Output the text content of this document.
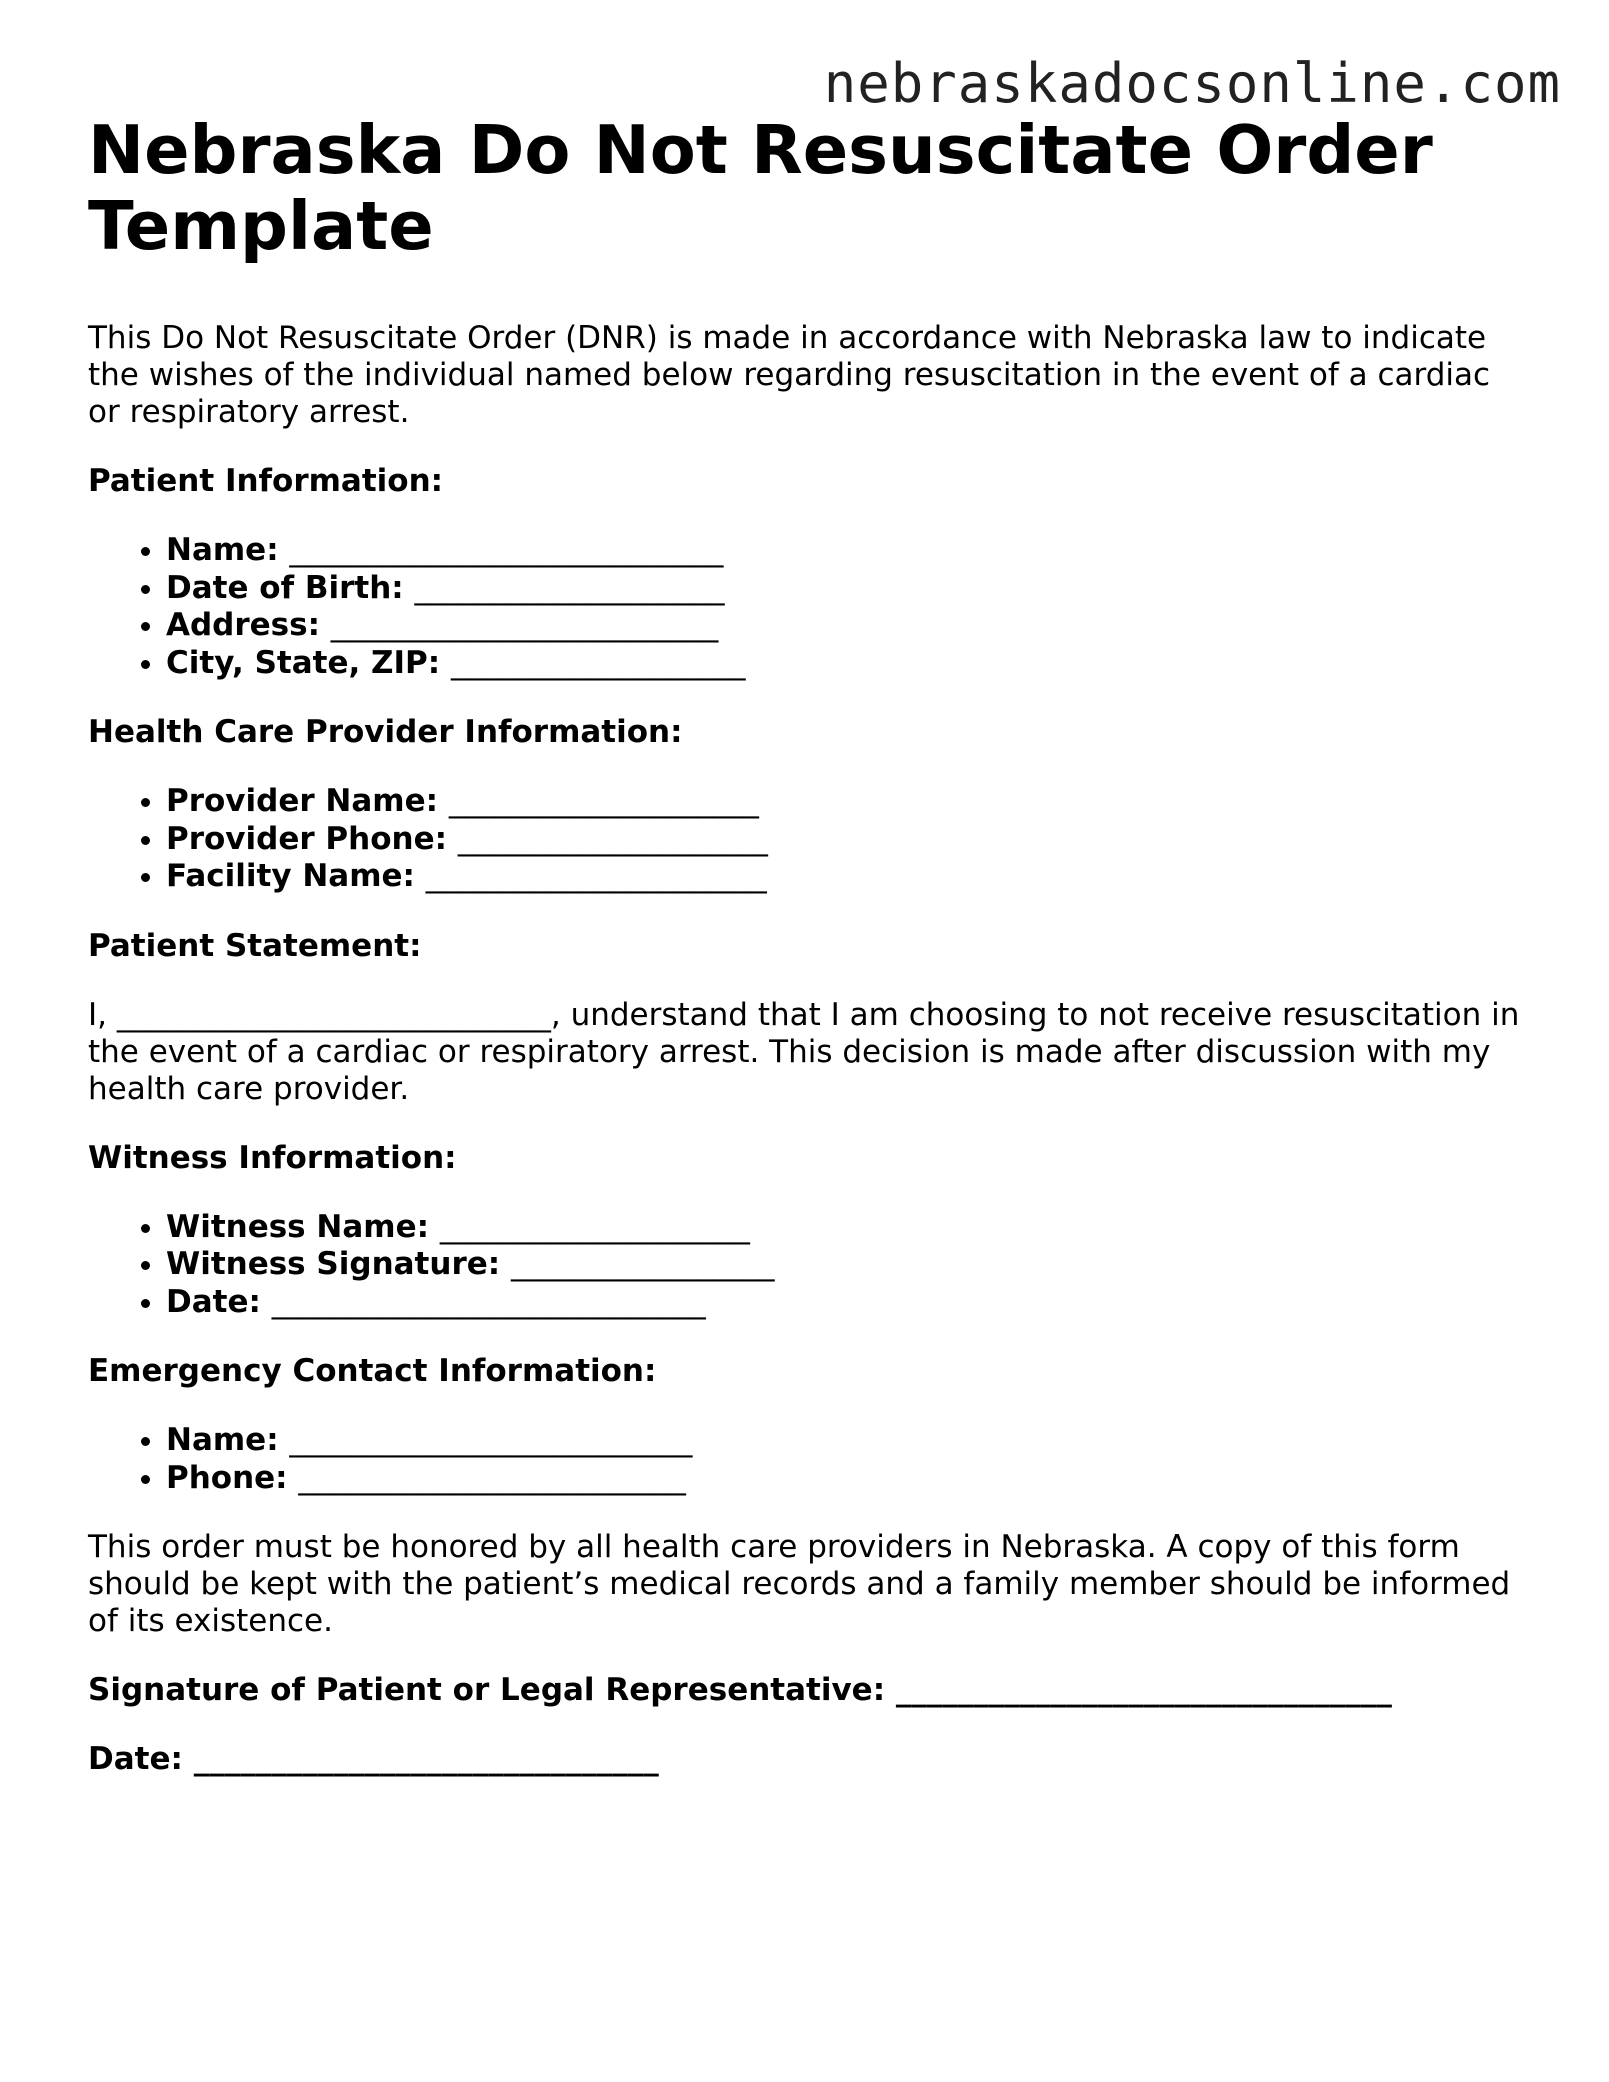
nebraskadocsonline.com
Nebraska Do Not Resuscitate Order Template

This Do Not Resuscitate Order (DNR) is made in accordance with Nebraska law to indicate the wishes of the individual named below regarding resuscitation in the event of a cardiac or respiratory arrest.

Patient Information:
• Name: ____________________________
• Date of Birth: ____________________
• Address: _________________________
• City, State, ZIP: ___________________
Health Care Provider Information:
• Provider Name: ____________________
• Provider Phone: ____________________
• Facility Name: ______________________
Patient Statement:

I, ____________________________, understand that I am choosing to not receive resuscitation in the event of a cardiac or respiratory arrest. This decision is made after discussion with my health care provider.

Witness Information:
• Witness Name: ____________________
• Witness Signature: _________________
• Date: ____________________________
Emergency Contact Information:
• Name: __________________________
• Phone: _________________________

This order must be honored by all health care providers in Nebraska. A copy of this form should be kept with the patient’s medical records and a family member should be informed of its existence.

Signature of Patient or Legal Representative: ________________________________
Date: ______________________________
